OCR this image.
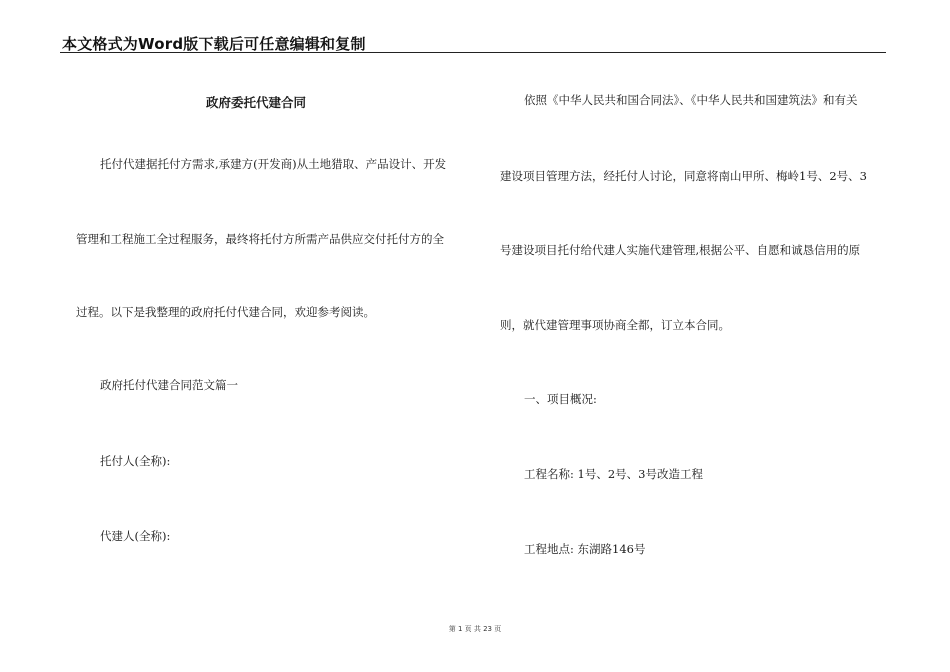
本文格式为Word版下载后可任意编辑和复制
政府委托代建合同
托付代建据托付方需求,承建方(开发商)从土地猎取、产品设计、开发
管理和工程施工全过程服务，最终将托付方所需产品供应交付托付方的全
过程。以下是我整理的政府托付代建合同，欢迎参考阅读。
政府托付代建合同范文篇一
托付人(全称):
代建人(全称):
依照《中华人民共和国合同法》、《中华人民共和国建筑法》和有关
建设项目管理方法，经托付人讨论，同意将南山甲所、梅岭1号、2号、3
号建设项目托付给代建人实施代建管理,根据公平、自愿和诚恳信用的原
则，就代建管理事项协商全都，订立本合同。
一、项目概况:
工程名称: 1号、2号、3号改造工程
工程地点: 东湖路146号
第 1 页 共 23 页
